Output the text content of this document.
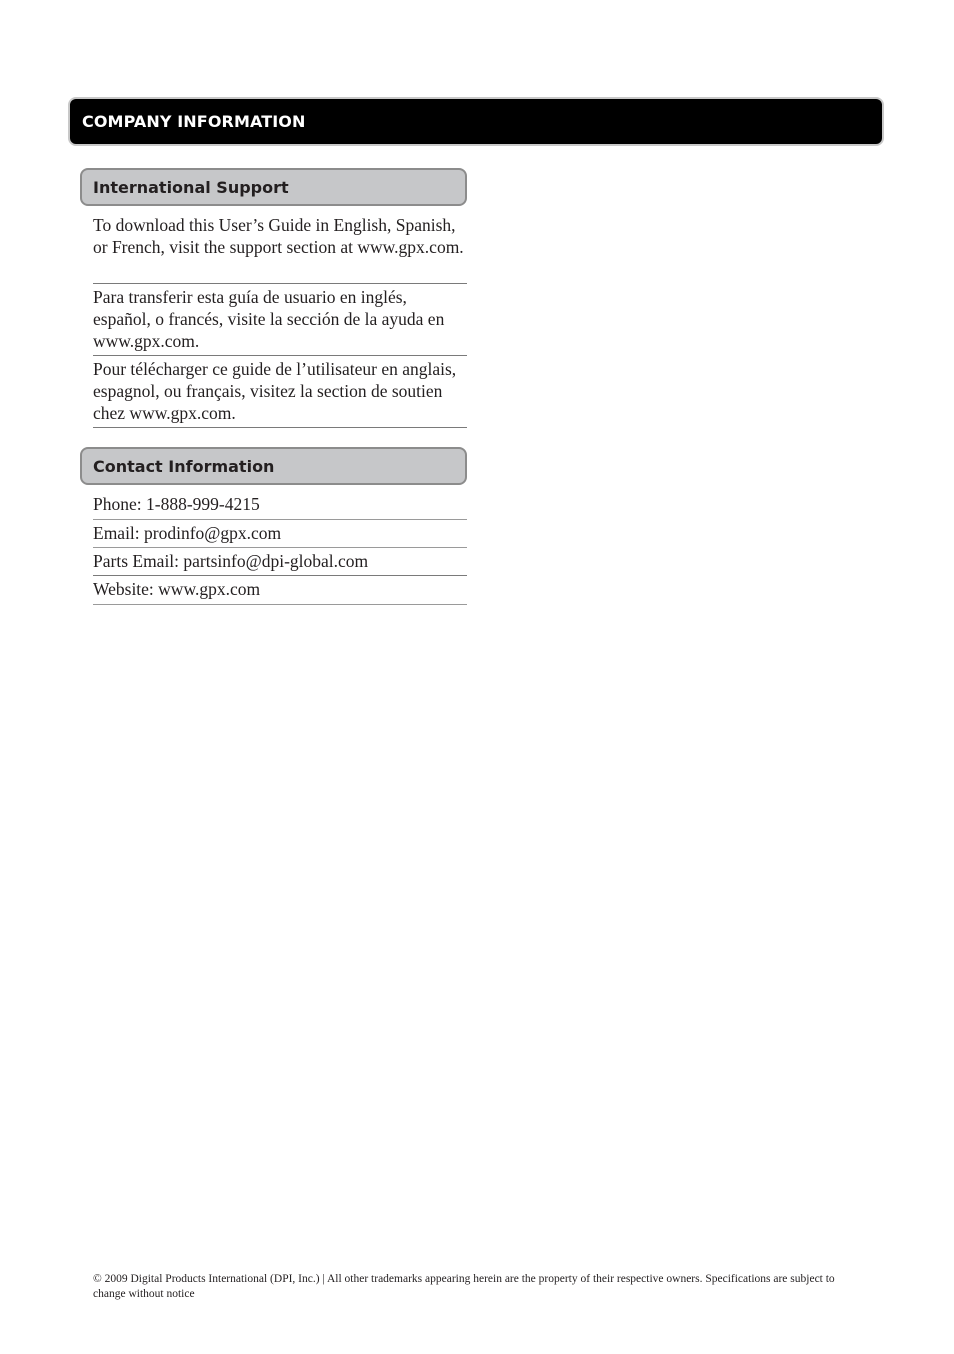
COMPANY INFORMATION
International Support
To download this User’s Guide in English, Spanish, or French, visit the support section at www.gpx.com.
Para transferir esta guía de usuario en inglés, español, o francés, visite la sección de la ayuda en www.gpx.com.
Pour télécharger ce guide de l’utilisateur en anglais, espagnol, ou français, visitez la section de soutien chez www.gpx.com.
Contact Information
Phone: 1-888-999-4215
Email: prodinfo@gpx.com
Parts Email: partsinfo@dpi-global.com
Website: www.gpx.com
© 2009 Digital Products International (DPI, Inc.) | All other trademarks appearing herein are the property of their respective owners. Specifications are subject to change without notice
